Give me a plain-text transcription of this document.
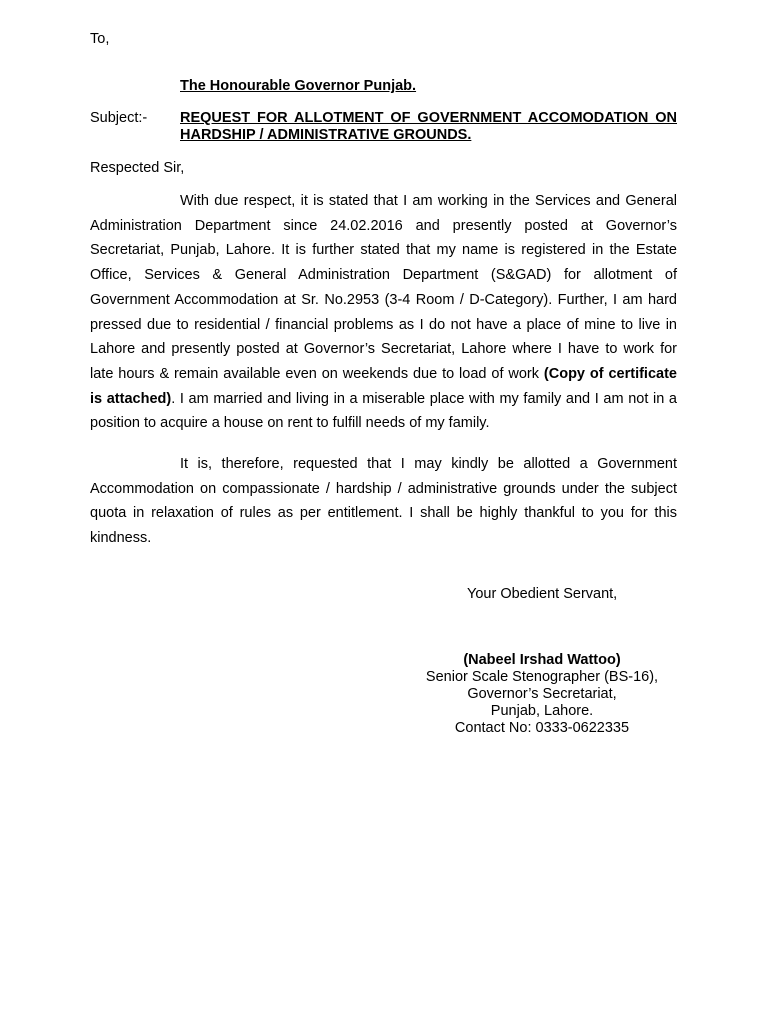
To,
The Honourable Governor Punjab.
Subject:- REQUEST FOR ALLOTMENT OF GOVERNMENT ACCOMODATION ON HARDSHIP / ADMINISTRATIVE GROUNDS.
Respected Sir,

With due respect, it is stated that I am working in the Services and General Administration Department since 24.02.2016 and presently posted at Governor’s Secretariat, Punjab, Lahore. It is further stated that my name is registered in the Estate Office, Services & General Administration Department (S&GAD) for allotment of Government Accommodation at Sr. No.2953 (3-4 Room / D-Category). Further, I am hard pressed due to residential / financial problems as I do not have a place of mine to live in Lahore and presently posted at Governor’s Secretariat, Lahore where I have to work for late hours & remain available even on weekends due to load of work (Copy of certificate is attached). I am married and living in a miserable place with my family and I am not in a position to acquire a house on rent to fulfill needs of my family.

It is, therefore, requested that I may kindly be allotted a Government Accommodation on compassionate / hardship / administrative grounds under the subject quota in relaxation of rules as per entitlement. I shall be highly thankful to you for this kindness.

Your Obedient Servant,
(Nabeel Irshad Wattoo)
Senior Scale Stenographer (BS-16),
Governor’s Secretariat,
Punjab, Lahore.
Contact No: 0333-0622335
